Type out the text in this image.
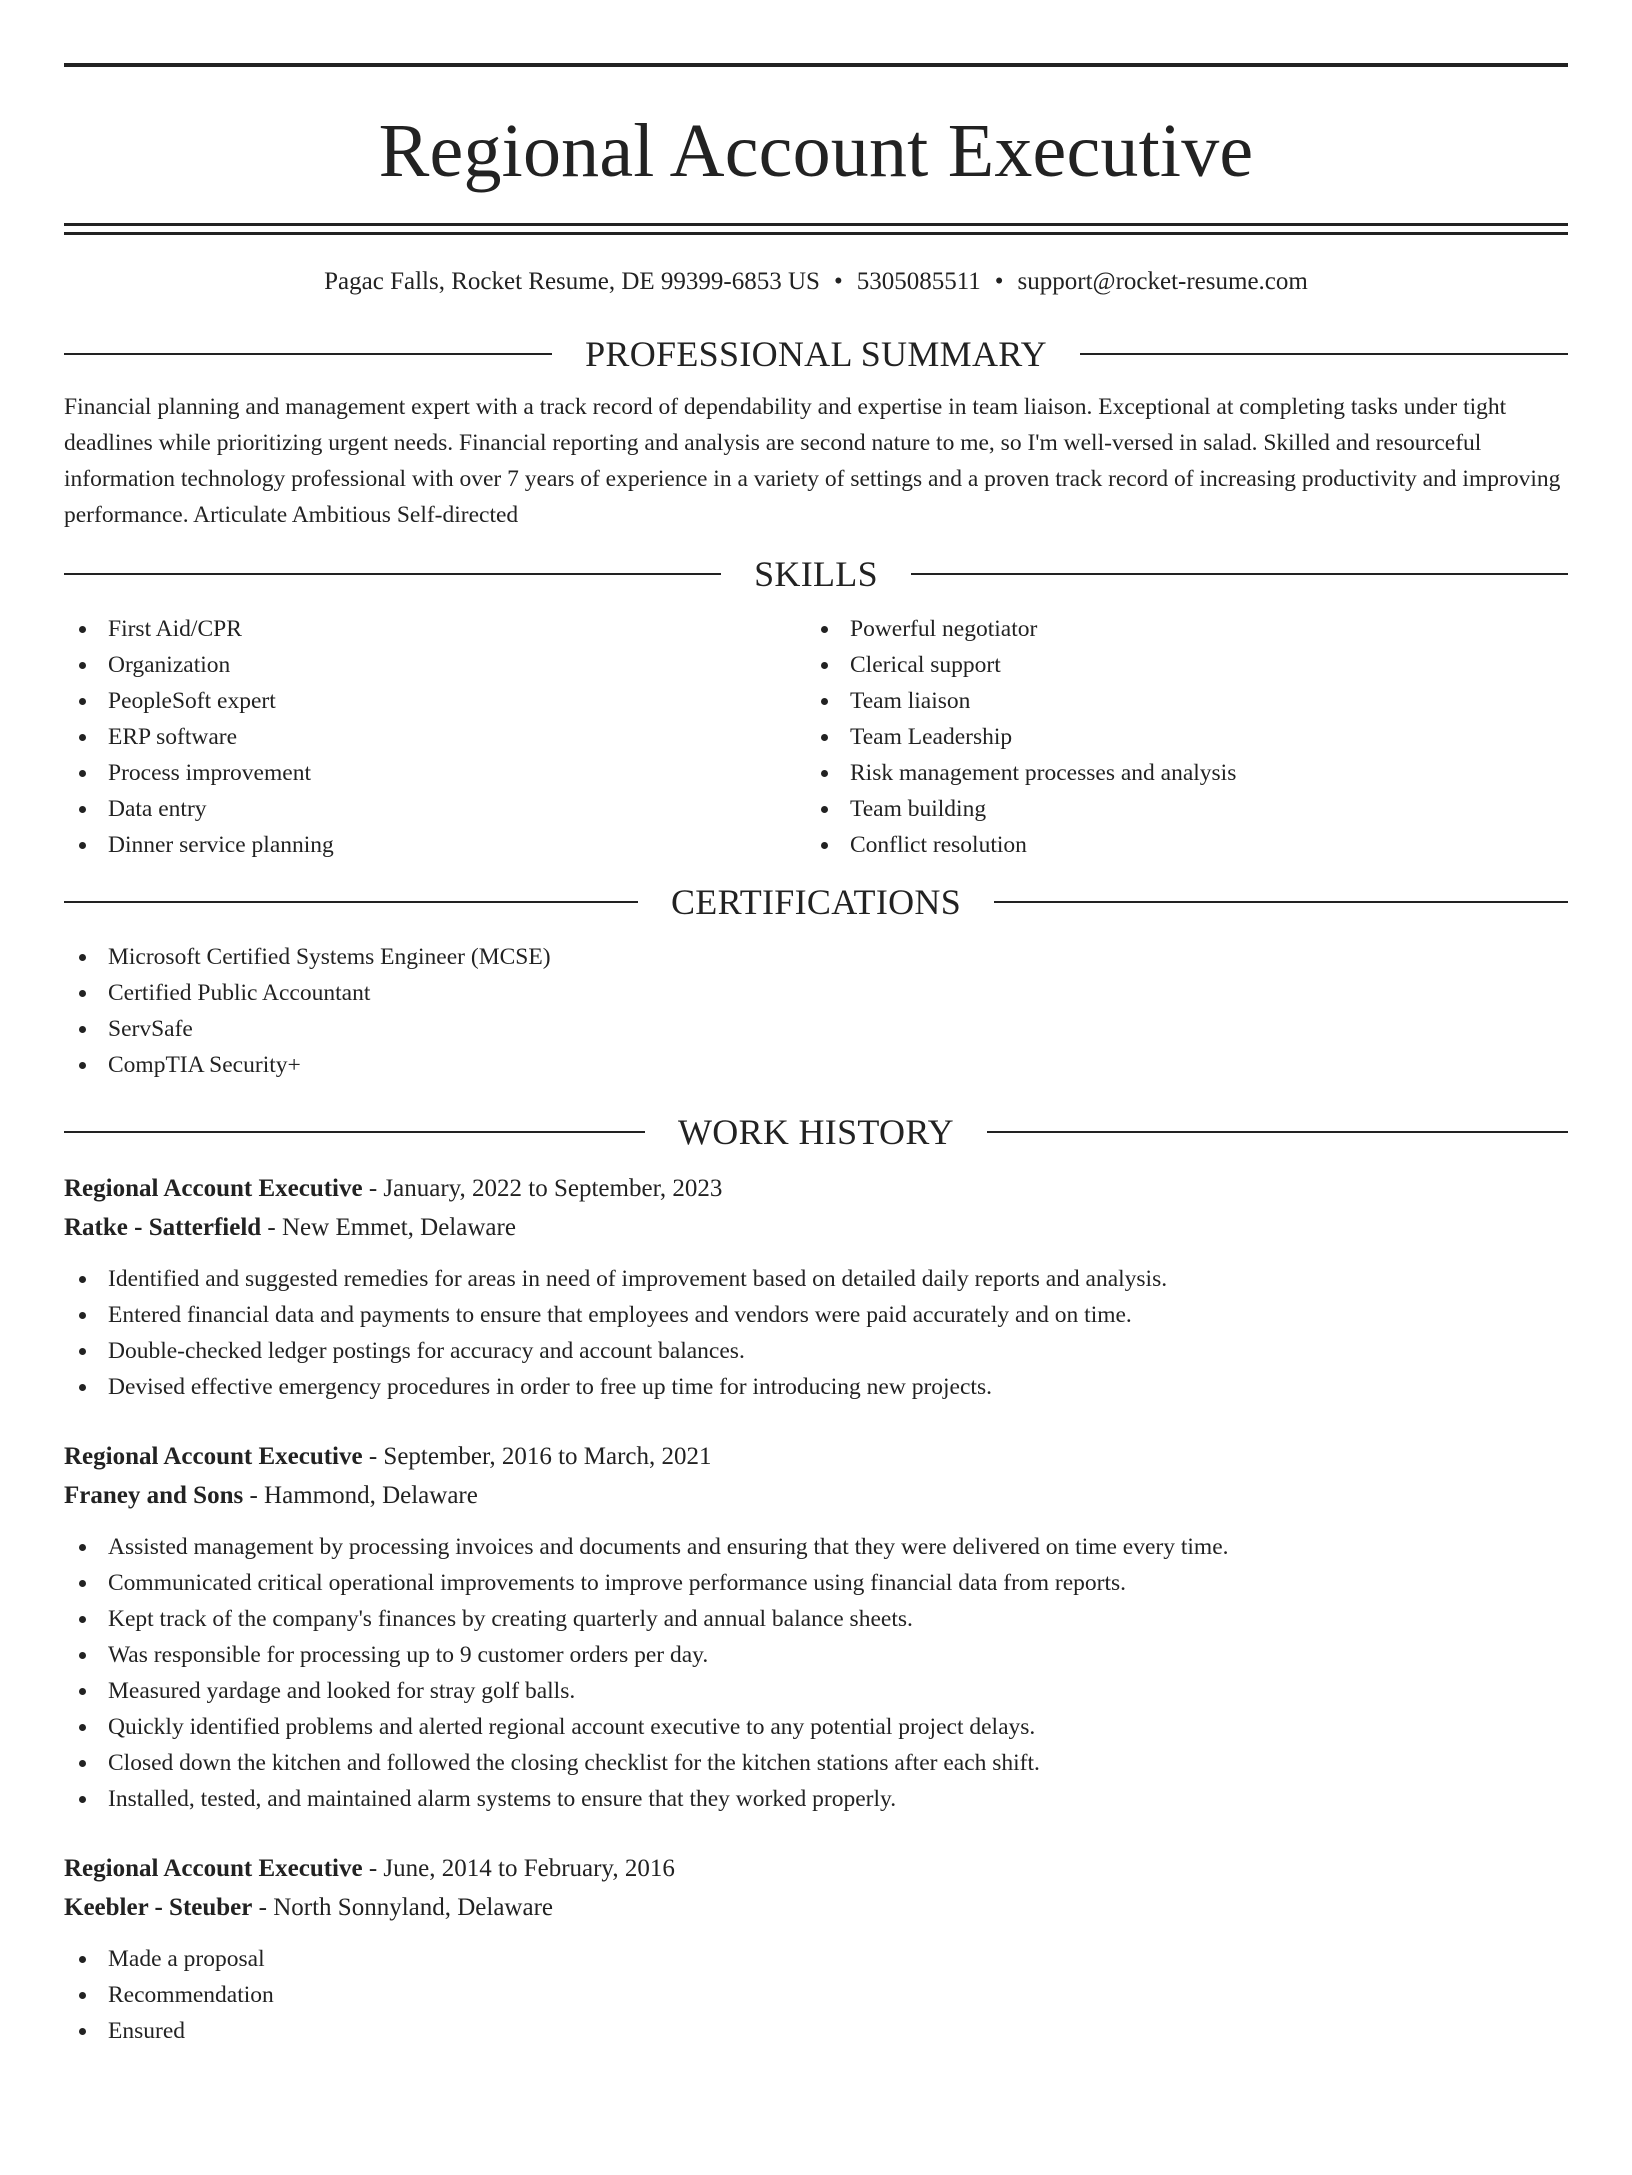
Regional Account Executive
Pagac Falls, Rocket Resume, DE 99399-6853 US • 5305085511 • support@rocket-resume.com
PROFESSIONAL SUMMARY

Financial planning and management expert with a track record of dependability and expertise in team liaison. Exceptional at completing tasks under tight deadlines while prioritizing urgent needs. Financial reporting and analysis are second nature to me, so I'm well-versed in salad. Skilled and resourceful information technology professional with over 7 years of experience in a variety of settings and a proven track record of increasing productivity and improving performance. Articulate Ambitious Self-directed

SKILLS
First Aid/CPR
Organization
PeopleSoft expert
ERP software
Process improvement
Data entry
Dinner service planning
Powerful negotiator
Clerical support
Team liaison
Team Leadership
Risk management processes and analysis
Team building
Conflict resolution
CERTIFICATIONS
Microsoft Certified Systems Engineer (MCSE)
Certified Public Accountant
ServSafe
CompTIA Security+
WORK HISTORY
Regional Account Executive - January, 2022 to September, 2023
Ratke - Satterfield - New Emmet, Delaware
Identified and suggested remedies for areas in need of improvement based on detailed daily reports and analysis.
Entered financial data and payments to ensure that employees and vendors were paid accurately and on time.
Double-checked ledger postings for accuracy and account balances.
Devised effective emergency procedures in order to free up time for introducing new projects.
Regional Account Executive - September, 2016 to March, 2021
Franey and Sons - Hammond, Delaware
Assisted management by processing invoices and documents and ensuring that they were delivered on time every time.
Communicated critical operational improvements to improve performance using financial data from reports.
Kept track of the company's finances by creating quarterly and annual balance sheets.
Was responsible for processing up to 9 customer orders per day.
Measured yardage and looked for stray golf balls.
Quickly identified problems and alerted regional account executive to any potential project delays.
Closed down the kitchen and followed the closing checklist for the kitchen stations after each shift.
Installed, tested, and maintained alarm systems to ensure that they worked properly.
Regional Account Executive - June, 2014 to February, 2016
Keebler - Steuber - North Sonnyland, Delaware
Made a proposal
Recommendation
Ensured
